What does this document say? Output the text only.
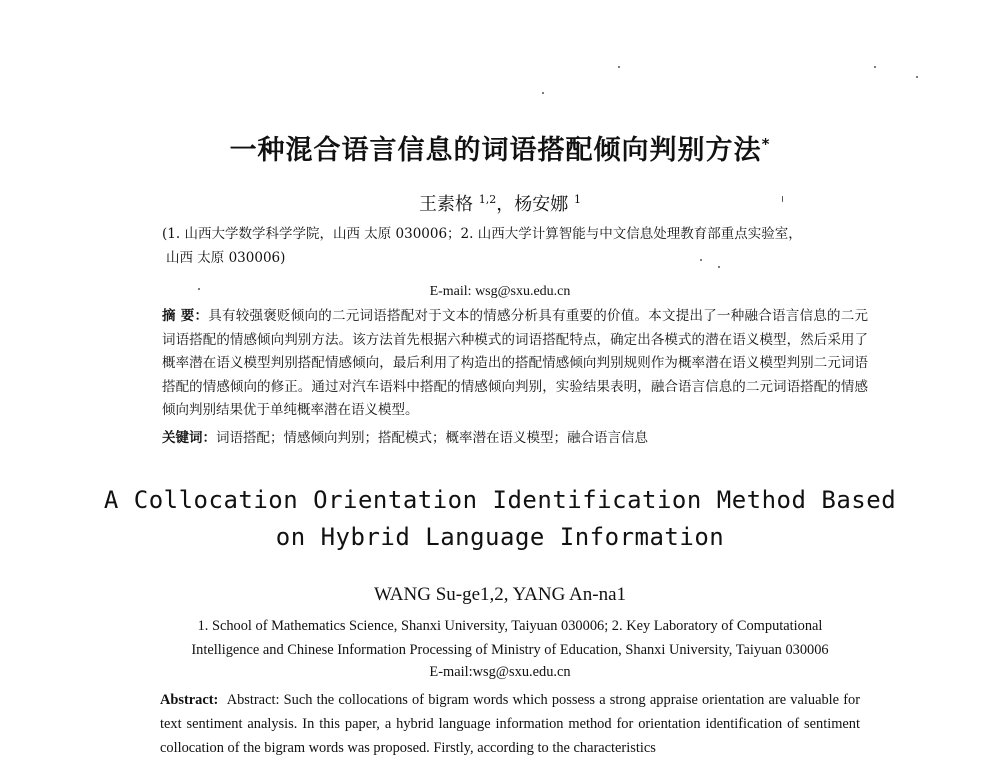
一种混合语言信息的词语搭配倾向判别方法*
王素格 $^{1,2}$，杨安娜 $^1$
(1. 山西大学数学科学学院，山西 太原 030006；2. 山西大学计算智能与中文信息处理教育部重点实验室，
山西 太原 030006)
E-mail: wsg@sxu.edu.cn
摘 要：具有较强褒贬倾向的二元词语搭配对于文本的情感分析具有重要的价值。本文提出了一种融合语言信息的二元词语搭配的情感倾向判别方法。该方法首先根据六种模式的词语搭配特点，确定出各模式的潜在语义模型，然后采用了概率潜在语义模型判别搭配情感倾向，最后利用了构造出的搭配情感倾向判别规则作为概率潜在语义模型判别二元词语搭配的情感倾向的修正。通过对汽车语料中搭配的情感倾向判别，实验结果表明，融合语言信息的二元词语搭配的情感倾向判别结果优于单纯概率潜在语义模型。
关键词：词语搭配；情感倾向判别；搭配模式；概率潜在语义模型；融合语言信息
A Collocation Orientation Identification Method Based
on Hybrid Language Information
WANG Su-ge1,2, YANG An-na1
1. School of Mathematics Science, Shanxi University, Taiyuan 030006; 2. Key Laboratory of Computational
Intelligence and Chinese Information Processing of Ministry of Education, Shanxi University, Taiyuan 030006
E-mail:wsg@sxu.edu.cn
Abstract: Abstract: Such the collocations of bigram words which possess a strong appraise orientation are valuable for text sentiment analysis. In this paper, a hybrid language information method for orientation identification of sentiment collocation of the bigram words was proposed. Firstly, according to the characteristics
